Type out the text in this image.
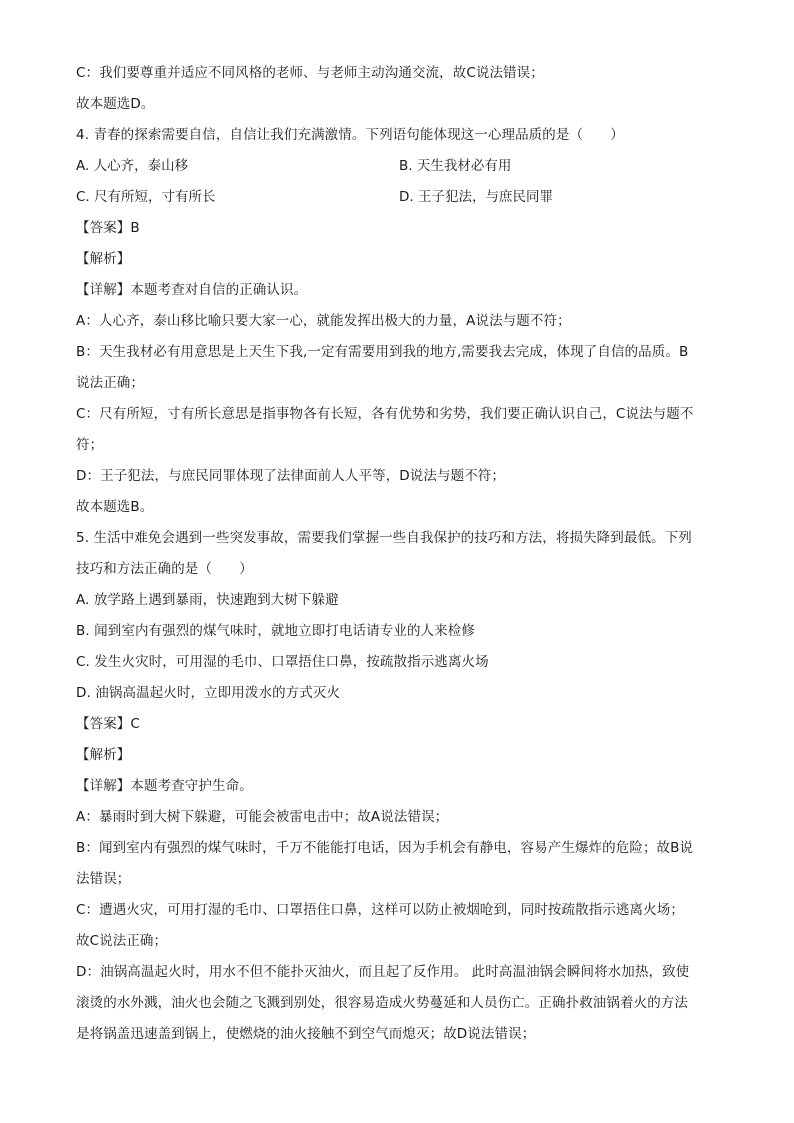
C：我们要尊重并适应不同风格的老师、与老师主动沟通交流，故C说法错误；
故本题选D。
4. 青春的探索需要自信，自信让我们充满激情。下列语句能体现这一心理品质的是（　　）
A. 人心齐，泰山移	B. 天生我材必有用
C. 尺有所短，寸有所长	D. 王子犯法，与庶民同罪
【答案】B
【解析】
【详解】本题考查对自信的正确认识。
A：人心齐，泰山移比喻只要大家一心，就能发挥出极大的力量，A说法与题不符；
B：天生我材必有用意思是上天生下我,一定有需要用到我的地方,需要我去完成，体现了自信的品质。B
说法正确；
C：尺有所短，寸有所长意思是指事物各有长短，各有优势和劣势，我们要正确认识自己，C说法与题不
符；
D：王子犯法，与庶民同罪体现了法律面前人人平等，D说法与题不符；
故本题选B。
5. 生活中难免会遇到一些突发事故，需要我们掌握一些自我保护的技巧和方法，将损失降到最低。下列
技巧和方法正确的是（　　）
A. 放学路上遇到暴雨，快速跑到大树下躲避
B. 闻到室内有强烈的煤气味时，就地立即打电话请专业的人来检修
C. 发生火灾时，可用湿的毛巾、口罩捂住口鼻，按疏散指示逃离火场
D. 油锅高温起火时，立即用泼水的方式灭火
【答案】C
【解析】
【详解】本题考查守护生命。
A：暴雨时到大树下躲避，可能会被雷电击中；故A说法错误；
B：闻到室内有强烈的煤气味时，千万不能能打电话，因为手机会有静电，容易产生爆炸的危险；故B说
法错误；
C：遭遇火灾，可用打湿的毛巾、口罩捂住口鼻，这样可以防止被烟呛到，同时按疏散指示逃离火场；
故C说法正确；
D：油锅高温起火时，用水不但不能扑灭油火，而且起了反作用。 此时高温油锅会瞬间将水加热，致使
滚烫的水外溅，油火也会随之飞溅到别处，很容易造成火势蔓延和人员伤亡。正确扑救油锅着火的方法
是将锅盖迅速盖到锅上，使燃烧的油火接触不到空气而熄灭；故D说法错误；
